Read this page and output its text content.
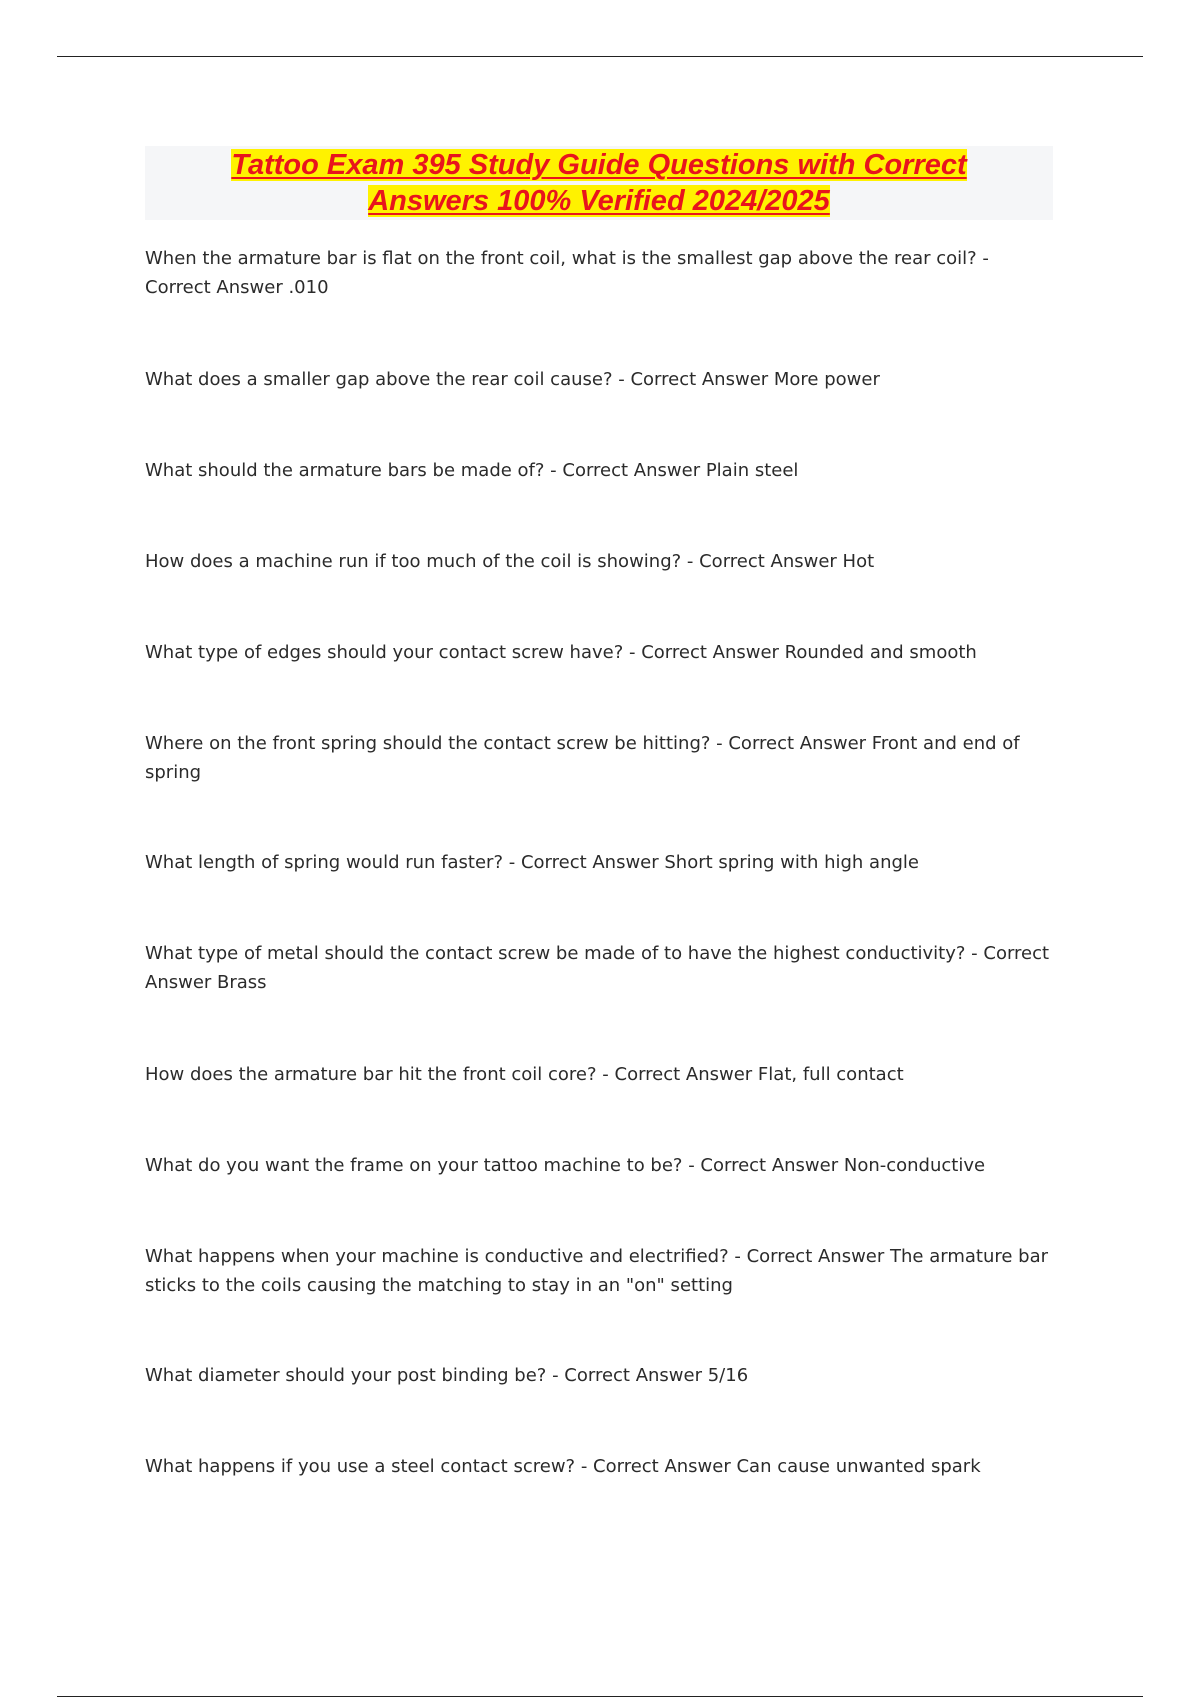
Tattoo Exam 395 Study Guide Questions with Correct
Answers 100% Verified 2024/2025
When the armature bar is flat on the front coil, what is the smallest gap above the rear coil? - Correct Answer .010
What does a smaller gap above the rear coil cause? - Correct Answer More power
What should the armature bars be made of? - Correct Answer Plain steel
How does a machine run if too much of the coil is showing? - Correct Answer Hot
What type of edges should your contact screw have? - Correct Answer Rounded and smooth
Where on the front spring should the contact screw be hitting? - Correct Answer Front and end of spring
What length of spring would run faster? - Correct Answer Short spring with high angle
What type of metal should the contact screw be made of to have the highest conductivity? - Correct Answer Brass
How does the armature bar hit the front coil core? - Correct Answer Flat, full contact
What do you want the frame on your tattoo machine to be? - Correct Answer Non-conductive
What happens when your machine is conductive and electrified? - Correct Answer The armature bar sticks to the coils causing the matching to stay in an "on" setting
What diameter should your post binding be? - Correct Answer 5/16
What happens if you use a steel contact screw? - Correct Answer Can cause unwanted spark
